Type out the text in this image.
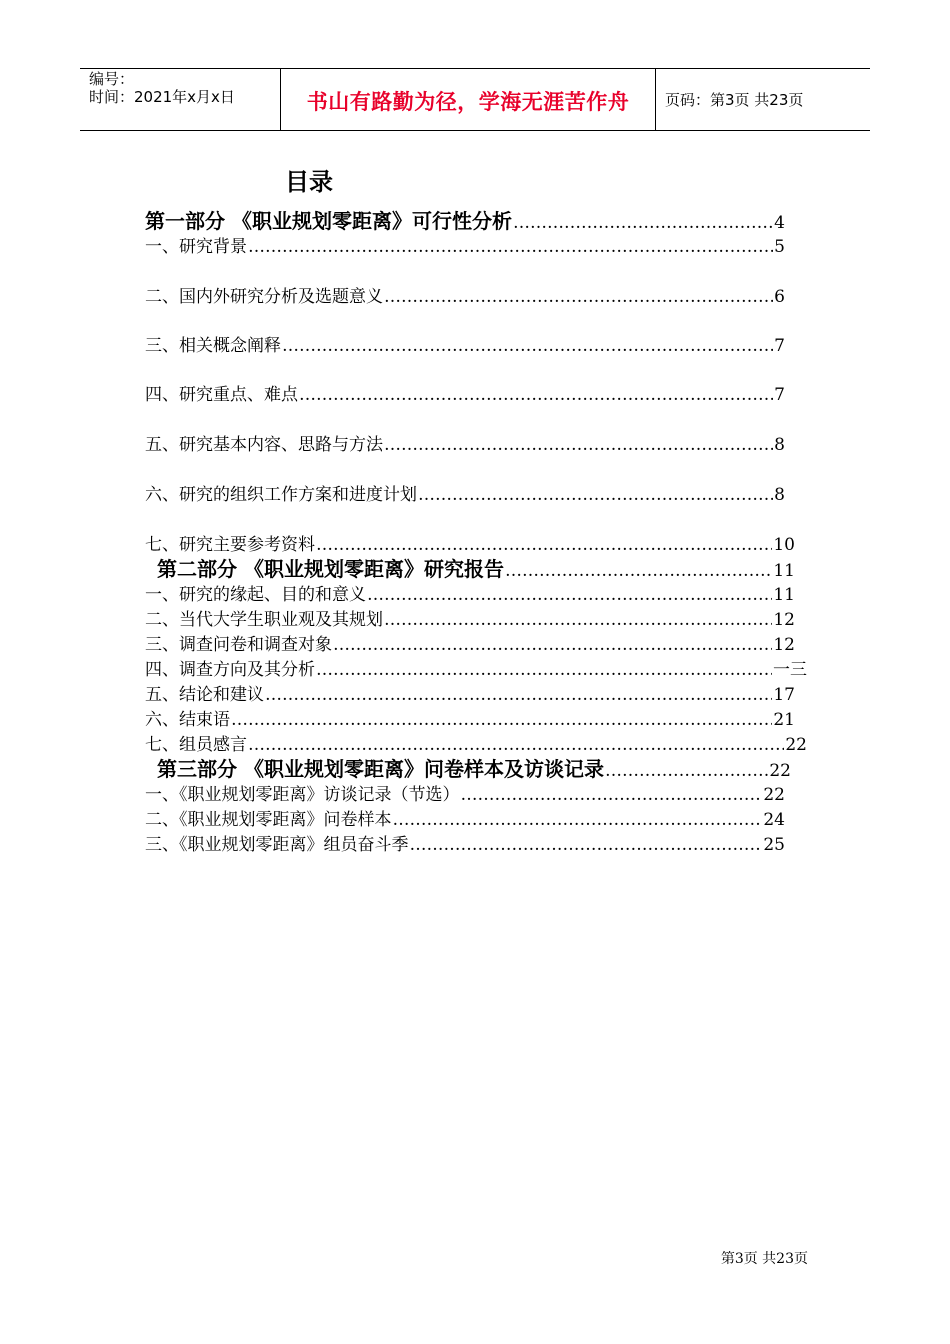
编号：
时间：2021年x月x日	书山有路勤为径，学海无涯苦作舟	页码：第3页 共23页
目录
第一部分 《职业规划零距离》可行性分析 ……………………………………………………………………………………………………………………………………………………………………………………	4
一、研究背景 ……………………………………………………………………………………………………………………………………………………………………………………	5
二、国内外研究分析及选题意义 ……………………………………………………………………………………………………………………………………………………………………………………	6
三、相关概念阐释 ……………………………………………………………………………………………………………………………………………………………………………………	7
四、研究重点、难点 ……………………………………………………………………………………………………………………………………………………………………………………	7
五、研究基本内容、思路与方法 ……………………………………………………………………………………………………………………………………………………………………………………	8
六、研究的组织工作方案和进度计划 ……………………………………………………………………………………………………………………………………………………………………………………	8
七、研究主要参考资料 ……………………………………………………………………………………………………………………………………………………………………………………	10
第二部分 《职业规划零距离》研究报告 ……………………………………………………………………………………………………………………………………………………………………………………	11
一、研究的缘起、目的和意义 ……………………………………………………………………………………………………………………………………………………………………………………	11
二、当代大学生职业观及其规划 ……………………………………………………………………………………………………………………………………………………………………………………	12
三、调查问卷和调查对象 ……………………………………………………………………………………………………………………………………………………………………………………	12
四、调查方向及其分析 ……………………………………………………………………………………………………………………………………………………………………………………	一三
五、结论和建议 ……………………………………………………………………………………………………………………………………………………………………………………	17
六、结束语 ……………………………………………………………………………………………………………………………………………………………………………………	21
七、组员感言 ……………………………………………………………………………………………………………………………………………………………………………………	22
第三部分 《职业规划零距离》问卷样本及访谈记录 ……………………………………………………………………………………………………………………………………………………………………………………	22
一、《职业规划零距离》访谈记录（节选） ……………………………………………………………………………………………………………………………………………………………………………………	22
二、《职业规划零距离》问卷样本 ……………………………………………………………………………………………………………………………………………………………………………………	24
三、《职业规划零距离》组员奋斗季 ……………………………………………………………………………………………………………………………………………………………………………………	25
第3页 共23页
